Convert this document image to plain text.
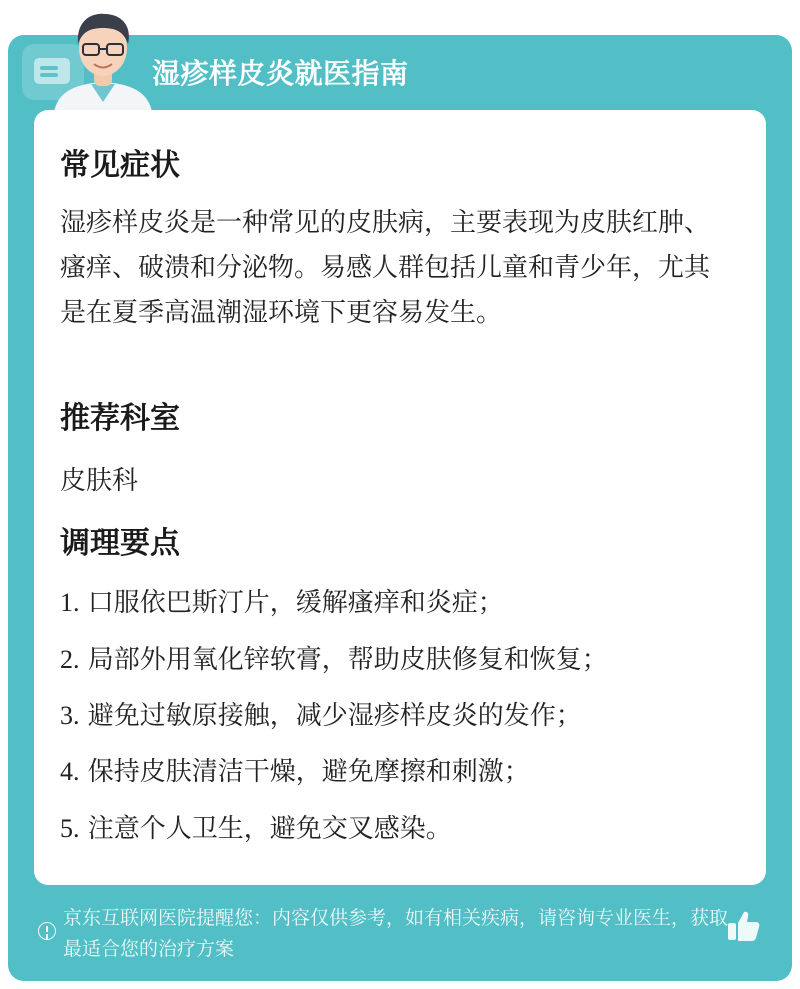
湿疹样皮炎就医指南
常见症状
湿疹样皮炎是一种常见的皮肤病，主要表现为皮肤红肿、瘙痒、破溃和分泌物。易感人群包括儿童和青少年，尤其是在夏季高温潮湿环境下更容易发生。
推荐科室
皮肤科
调理要点
1. 口服依巴斯汀片，缓解瘙痒和炎症；
2. 局部外用氧化锌软膏，帮助皮肤修复和恢复；
3. 避免过敏原接触，减少湿疹样皮炎的发作；
4. 保持皮肤清洁干燥，避免摩擦和刺激；
5. 注意个人卫生，避免交叉感染。
京东互联网医院提醒您：内容仅供参考，如有相关疾病，请咨询专业医生，获取最适合您的治疗方案
